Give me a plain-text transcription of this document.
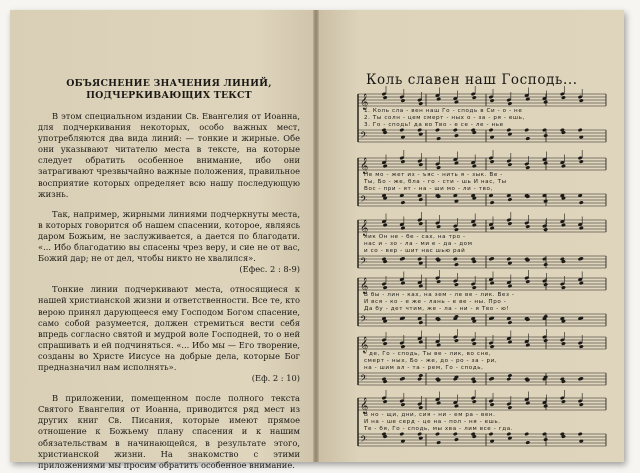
ОБЪЯСНЕНИЕ ЗНАЧЕНИЯ ЛИНИЙ,
ПОДЧЕРКИВАЮЩИХ ТЕКСТ

В этом специальном издании Св. Евангелия от Иоанна, для подчеркивания некоторых, особо важных мест, употребляются два вида линий: — тонкие и жирные. Обе они указывают читателю места в тексте, на которые следует обратить особенное внимание, ибо они затрагивают чрезвычайно важные положения, правильное восприятие которых определяет всю нашу последующую жизнь.

Так, например, жирными линиями подчеркнуты места, в которых говорится об нашем спасении, которое, являясь даром Божьим, не заслуживается, а дается по благодати. «... Ибо благодатию вы спасены чрез веру, и сие не от вас, Божий дар; не от дел, чтобы никто не хвалился».
(Ефес. 2 : 8-9)

Тонкие линии подчеркивают места, относящиеся к нашей христианской жизни и ответственности. Все те, кто верою принял дарующееся ему Господом Богом спасение, само собой разумеется, должен стремиться вести себя впредь согласно святой и мудрой воле Господней, то о ней спрашивать и ей подчиняться. «... Ибо мы — Его творение, созданы во Христе Иисусе на добрые дела, которые Бог предназначил нам исполнять».
(Еф. 2 : 10)

В приложении, помещенном после полного текста Святого Евангелия от Иоанна, приводится ряд мест из других книг Св. Писания, которые имеют прямое отношение к Божьему плану спасения и к нашим обязательствам в начинающейся, в результате этого, христианской жизни. На знакомство с этими приложениями мы просим обратить особенное внимание.

Коль славен наш Господь...
𝄞
𝄢
𝄞
𝄢
𝄞
𝄢
𝄞
𝄢
𝄞
𝄢
𝄞
𝄢
1. Коль сла - вен наш Го - сподь в Си - о - не
2. Ты солн - цем смерт - ных о - за - ря - ешь,
3. Го - сподь! да во Тво - е се - ле - нье
Не мо - жет из - ъяс - нить я - зык. Ве -
Ты, Бо - же, бла - го - сти - шь И нас, Ты
Вос - при - ят - на - ши мо - ли - тво,
лик Он не - бе - сах, на тро -
нас и - зо - ла - ми е - да - дом
и со - вер - шит нас шью рай
В бы - лин - ках, на зем - ле ве - лик. Вез -
И вся - ко - е же - лань - е ве - ны. Про -
Да бу - дет чтим, же - ла - ни - я Тво - ю!
- де, Го - сподь, Ты ве - лик, во сне,
смерт - ных, Бо - же, до - ро - за - ри,
на - шим ал - та - рем, Го - сподь,
В но - щи, дни, сия - ни - ем ра - вен.
И на - ше серд - це на - пол - ня - ешь.
Те - бя, Го - сподь, мы хва - лим все - гда.
